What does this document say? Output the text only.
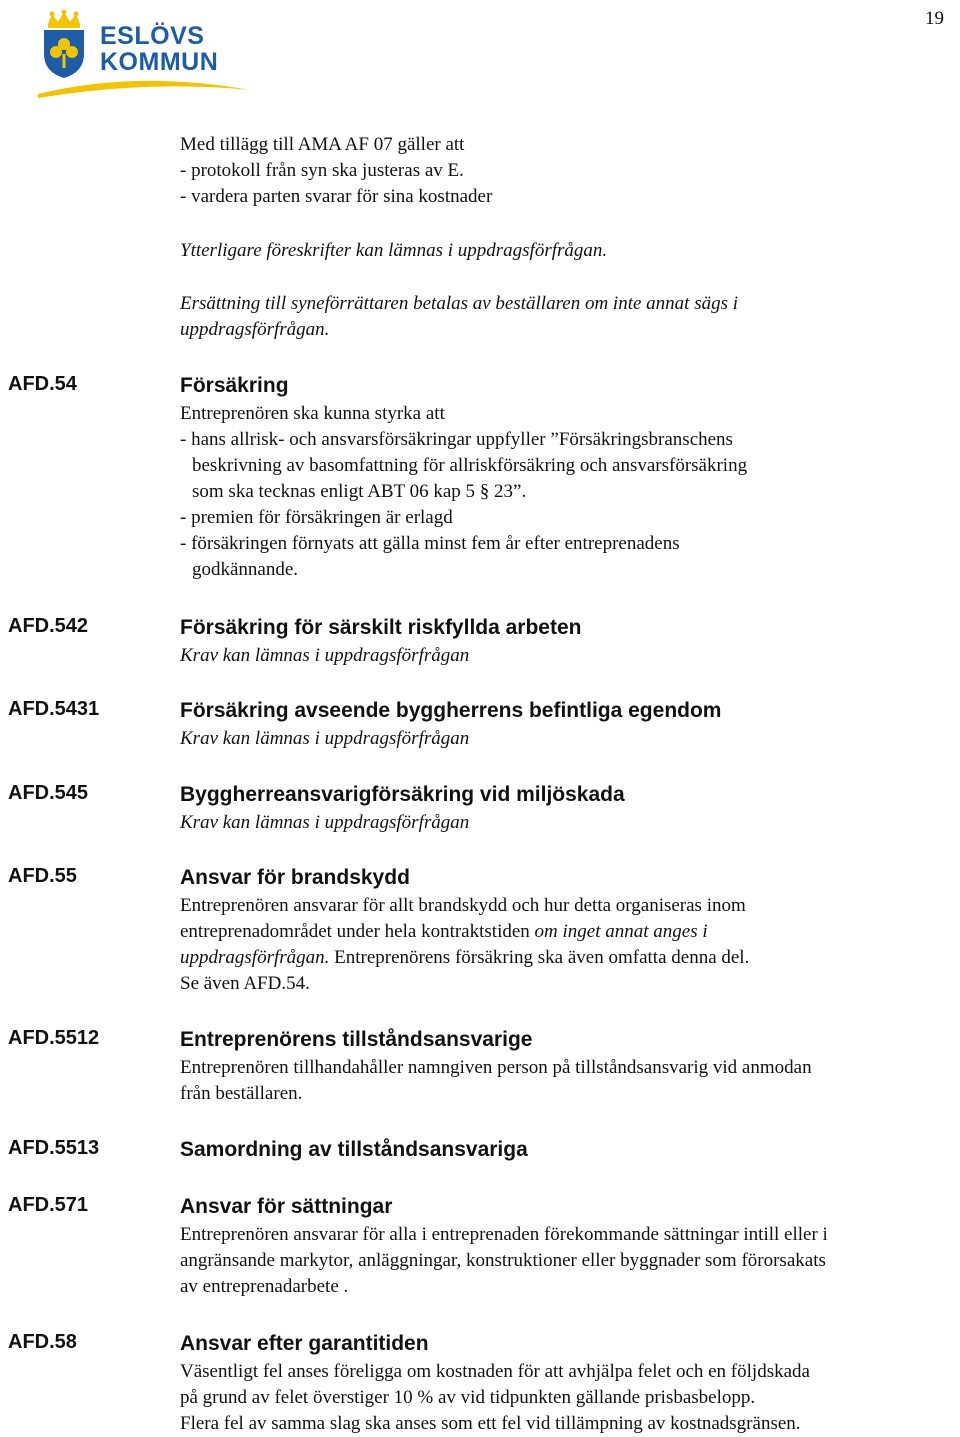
19
ESLÖVS
KOMMUN
Med tillägg till AMA AF 07 gäller att
- protokoll från syn ska justeras av E.
- vardera parten svarar för sina kostnader
Ytterligare föreskrifter kan lämnas i uppdragsförfrågan.
Ersättning till syneförrättaren betalas av beställaren om inte annat sägs i
uppdragsförfrågan.
AFD.54	Försäkring
Entreprenören ska kunna styrka att
- hans allrisk- och ansvarsförsäkringar uppfyller ”Försäkringsbranschens
beskrivning av basomfattning för allriskförsäkring och ansvarsförsäkring
som ska tecknas enligt ABT 06 kap 5 § 23”.
- premien för försäkringen är erlagd
- försäkringen förnyats att gälla minst fem år efter entreprenadens
godkännande.
AFD.542	Försäkring för särskilt riskfyllda arbeten
Krav kan lämnas i uppdragsförfrågan
AFD.5431	Försäkring avseende byggherrens befintliga egendom
Krav kan lämnas i uppdragsförfrågan
AFD.545	Byggherreansvarigförsäkring vid miljöskada
Krav kan lämnas i uppdragsförfrågan
AFD.55	Ansvar för brandskydd
Entreprenören ansvarar för allt brandskydd och hur detta organiseras inom
entreprenadområdet under hela kontraktstiden om inget annat anges i
uppdragsförfrågan. Entreprenörens försäkring ska även omfatta denna del.
Se även AFD.54.
AFD.5512	Entreprenörens tillståndsansvarige
Entreprenören tillhandahåller namngiven person på tillståndsansvarig vid anmodan
från beställaren.
AFD.5513	Samordning av tillståndsansvariga
AFD.571	Ansvar för sättningar
Entreprenören ansvarar för alla i entreprenaden förekommande sättningar intill eller i
angränsande markytor, anläggningar, konstruktioner eller byggnader som förorsakats
av entreprenadarbete .
AFD.58	Ansvar efter garantitiden
Väsentligt fel anses föreligga om kostnaden för att avhjälpa felet och en följdskada
på grund av felet överstiger 10 % av vid tidpunkten gällande prisbasbelopp.
Flera fel av samma slag ska anses som ett fel vid tillämpning av kostnadsgränsen.
